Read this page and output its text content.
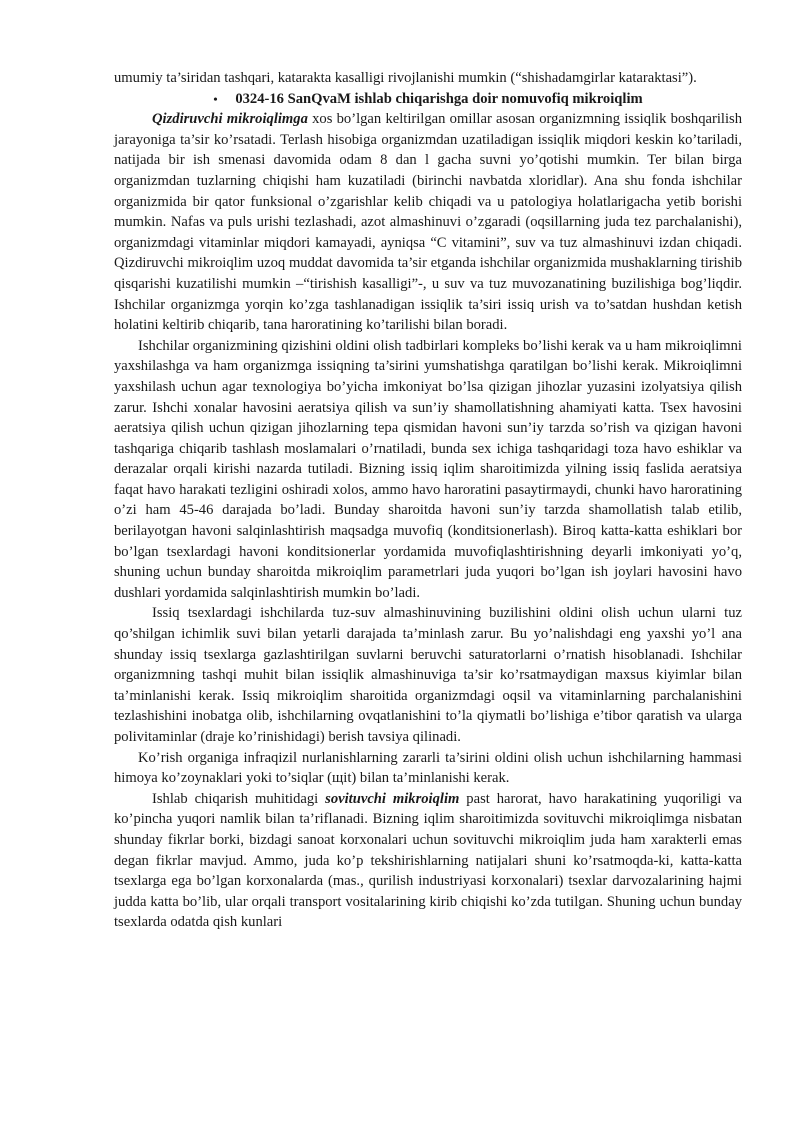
umumiy ta’siridan tashqari, katarakta kasalligi rivojlanishi mumkin (“shishadamgirlar kataraktasi”).

•	0324-16 SanQvaM ishlab chiqarishga doir nomuvofiq mikroiqlim

Qizdiruvchi mikroiqlimga xos bo’lgan keltirilgan omillar asosan organizmning issiqlik boshqarilish jarayoniga ta’sir ko’rsatadi. Terlash hisobiga organizmdan uzatiladigan issiqlik miqdori keskin ko’tariladi, natijada bir ish smenasi davomida odam 8 dan l gacha suvni yo’qotishi mumkin. Ter bilan birga organizmdan tuzlarning chiqishi ham kuzatiladi (birinchi navbatda xloridlar). Ana shu fonda ishchilar organizmida bir qator funksional o’zgarishlar kelib chiqadi va u patologiya holatlarigacha yetib borishi mumkin. Nafas va puls urishi tezlashadi, azot almashinuvi o’zgaradi (oqsillarning juda tez parchalanishi), organizmdagi vitaminlar miqdori kamayadi, ayniqsa “C vitamini”, suv va tuz almashinuvi izdan chiqadi. Qizdiruvchi mikroiqlim uzoq muddat davomida ta’sir etganda ishchilar organizmida mushaklarning tirishib qisqarishi kuzatilishi mumkin –“tirishish kasalligi”-, u suv va tuz muvozanatining buzilishiga bog’liqdir. Ishchilar organizmga yorqin ko’zga tashlanadigan issiqlik ta’siri issiq urish va to’satdan hushdan ketish holatini keltirib chiqarib, tana haroratining ko’tarilishi bilan boradi.

Ishchilar organizmining qizishini oldini olish tadbirlari kompleks bo’lishi kerak va u ham mikroiqlimni yaxshilashga va ham organizmga issiqning ta’sirini yumshatishga qaratilgan bo’lishi kerak. Mikroiqlimni yaxshilash uchun agar texnologiya bo’yicha imkoniyat bo’lsa qizigan jihozlar yuzasini izolyatsiya qilish zarur. Ishchi xonalar havosini aeratsiya qilish va sun’iy shamollatishning ahamiyati katta. Tsex havosini aeratsiya qilish uchun qizigan jihozlarning tepa qismidan havoni sun’iy tarzda so’rish va qizigan havoni tashqariga chiqarib tashlash moslamalari o’rnatiladi, bunda sex ichiga tashqaridagi toza havo eshiklar va derazalar orqali kirishi nazarda tutiladi. Bizning issiq iqlim sharoitimizda yilning issiq faslida aeratsiya faqat havo harakati tezligini oshiradi xolos, ammo havo haroratini pasaytirmaydi, chunki havo haroratining o’zi ham 45-46 darajada bo’ladi. Bunday sharoitda havoni sun’iy tarzda shamollatish talab etilib, berilayotgan havoni salqinlashtirish maqsadga muvofiq (konditsionerlash). Biroq katta-katta eshiklari bor bo’lgan tsexlardagi havoni konditsionerlar yordamida muvofiqlashtirishning deyarli imkoniyati yo’q, shuning uchun bunday sharoitda mikroiqlim parametrlari juda yuqori bo’lgan ish joylari havosini havo dushlari yordamida salqinlashtirish mumkin bo’ladi.

Issiq tsexlardagi ishchilarda tuz-suv almashinuvining buzilishini oldini olish uchun ularni tuz qo’shilgan ichimlik suvi bilan yetarli darajada ta’minlash zarur. Bu yo’nalishdagi eng yaxshi yo’l ana shunday issiq tsexlarga gazlashtirilgan suvlarni beruvchi saturatorlarni o’rnatish hisoblanadi. Ishchilar organizmning tashqi muhit bilan issiqlik almashinuviga ta’sir ko’rsatmaydigan maxsus kiyimlar bilan ta’minlanishi kerak. Issiq mikroiqlim sharoitida organizmdagi oqsil va vitaminlarning parchalanishini tezlashishini inobatga olib, ishchilarning ovqatlanishini to’la qiymatli bo’lishiga e’tibor qaratish va ularga polivitaminlar (draje ko’rinishidagi) berish tavsiya qilinadi.

Ko’rish organiga infraqizil nurlanishlarning zararli ta’sirini oldini olish uchun ishchilarning hammasi himoya ko’zoynaklari yoki to’siqlar (щit) bilan ta’minlanishi kerak.

Ishlab chiqarish muhitidagi sovituvchi mikroiqlim past harorat, havo harakatining yuqoriligi va ko’pincha yuqori namlik bilan ta’riflanadi. Bizning iqlim sharoitimizda sovituvchi mikroiqlimga nisbatan shunday fikrlar borki, bizdagi sanoat korxonalari uchun sovituvchi mikroiqlim juda ham xarakterli emas degan fikrlar mavjud. Ammo, juda ko’p tekshirishlarning natijalari shuni ko’rsatmoqda-ki, katta-katta tsexlarga ega bo’lgan korxonalarda (mas., qurilish industriyasi korxonalari) tsexlar darvozalarining hajmi judda katta bo’lib, ular orqali transport vositalarining kirib chiqishi ko’zda tutilgan. Shuning uchun bunday tsexlarda odatda qish kunlari
